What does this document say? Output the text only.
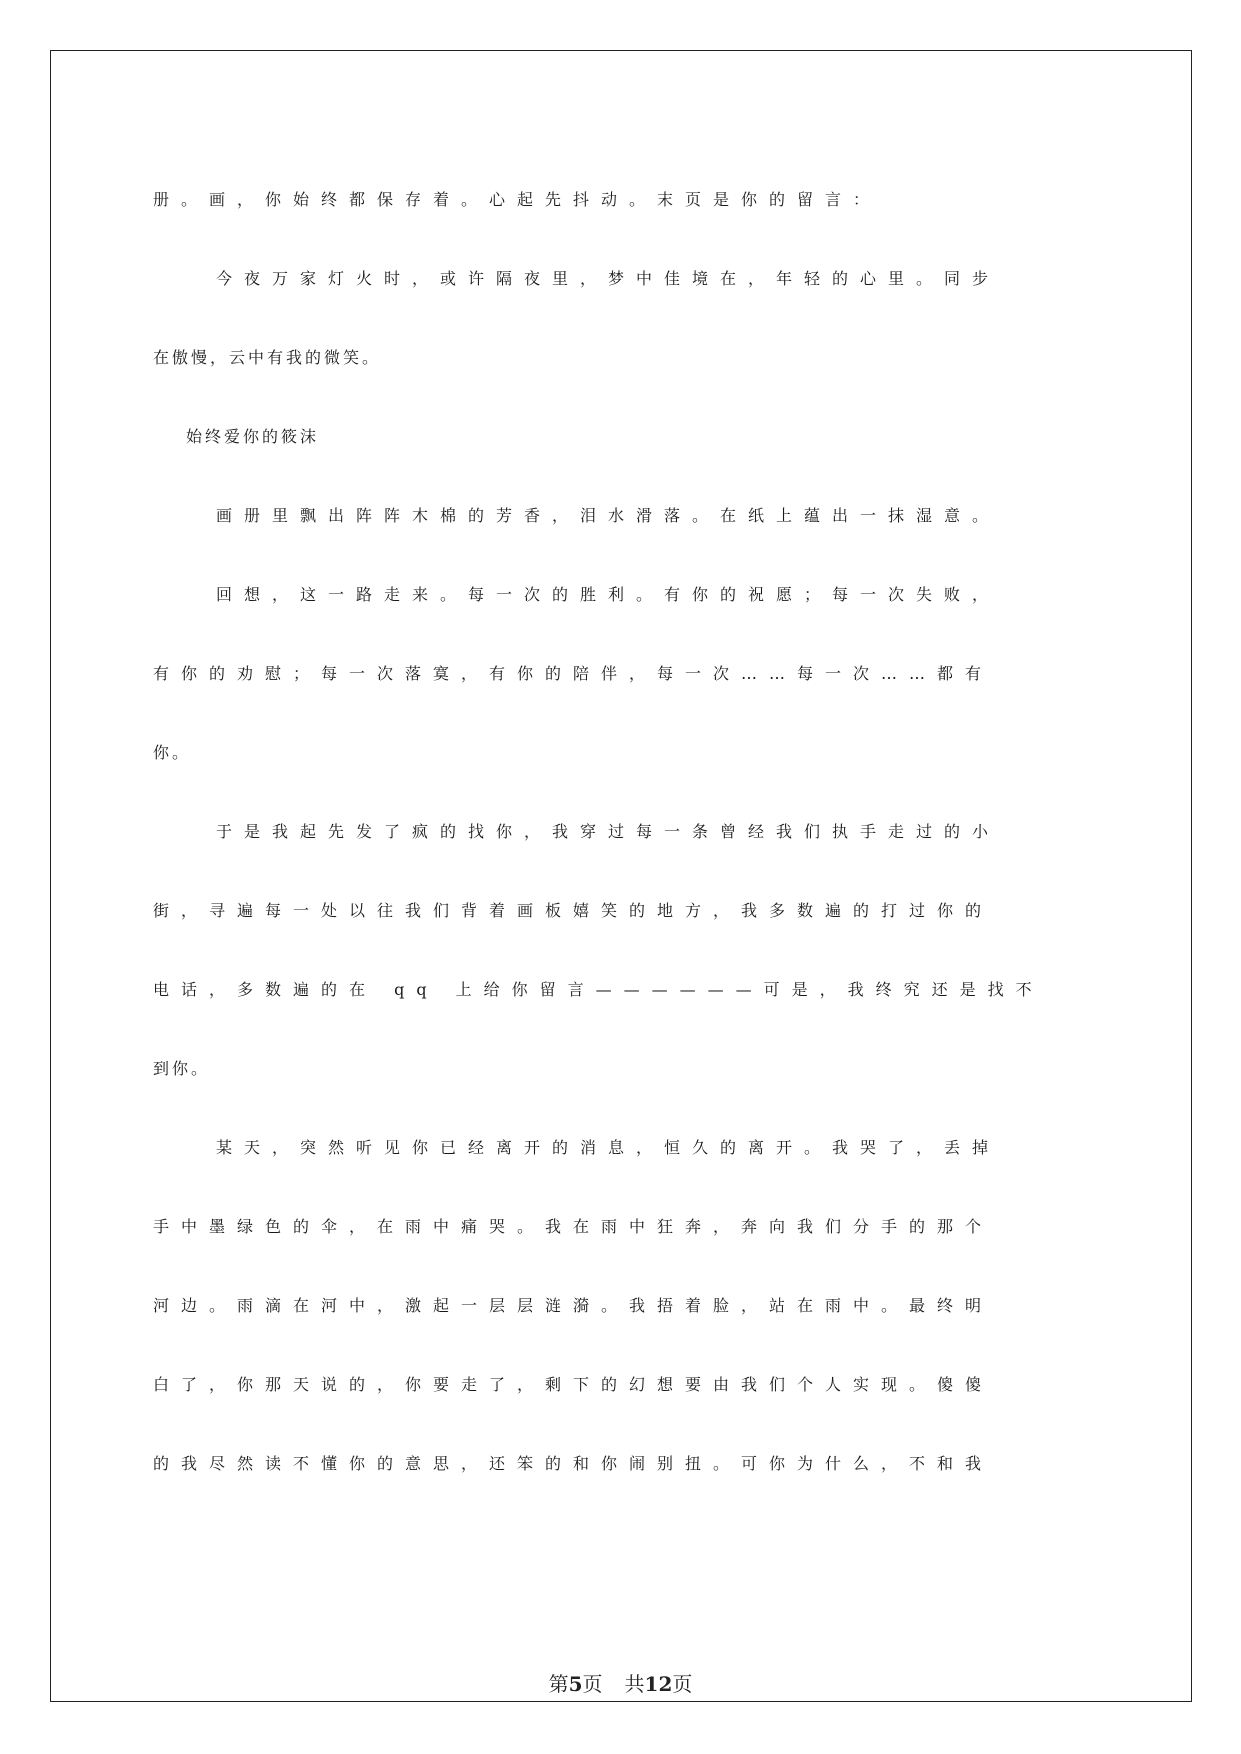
册。画，你始终都保存着。心起先抖动。末页是你的留言：
今夜万家灯火时，或许隔夜里，梦中佳境在，年轻的心里。同步
在傲慢，云中有我的微笑。
始终爱你的筱沫
画册里飘出阵阵木棉的芳香，泪水滑落。在纸上蕴出一抹湿意。
回想，这一路走来。每一次的胜利。有你的祝愿；每一次失败，
有你的劝慰；每一次落寞，有你的陪伴，每一次……每一次……都有
你。
于是我起先发了疯的找你，我穿过每一条曾经我们执手走过的小
街，寻遍每一处以往我们背着画板嬉笑的地方，我多数遍的打过你的
电话，多数遍的在 qq 上给你留言——————可是，我终究还是找不
到你。
某天，突然听见你已经离开的消息，恒久的离开。我哭了，丢掉
手中墨绿色的伞，在雨中痛哭。我在雨中狂奔，奔向我们分手的那个
河边。雨滴在河中，激起一层层涟漪。我捂着脸，站在雨中。最终明
白了，你那天说的，你要走了，剩下的幻想要由我们个人实现。傻傻
的我尽然读不懂你的意思，还笨的和你闹别扭。可你为什么，不和我
第5页 共12页
